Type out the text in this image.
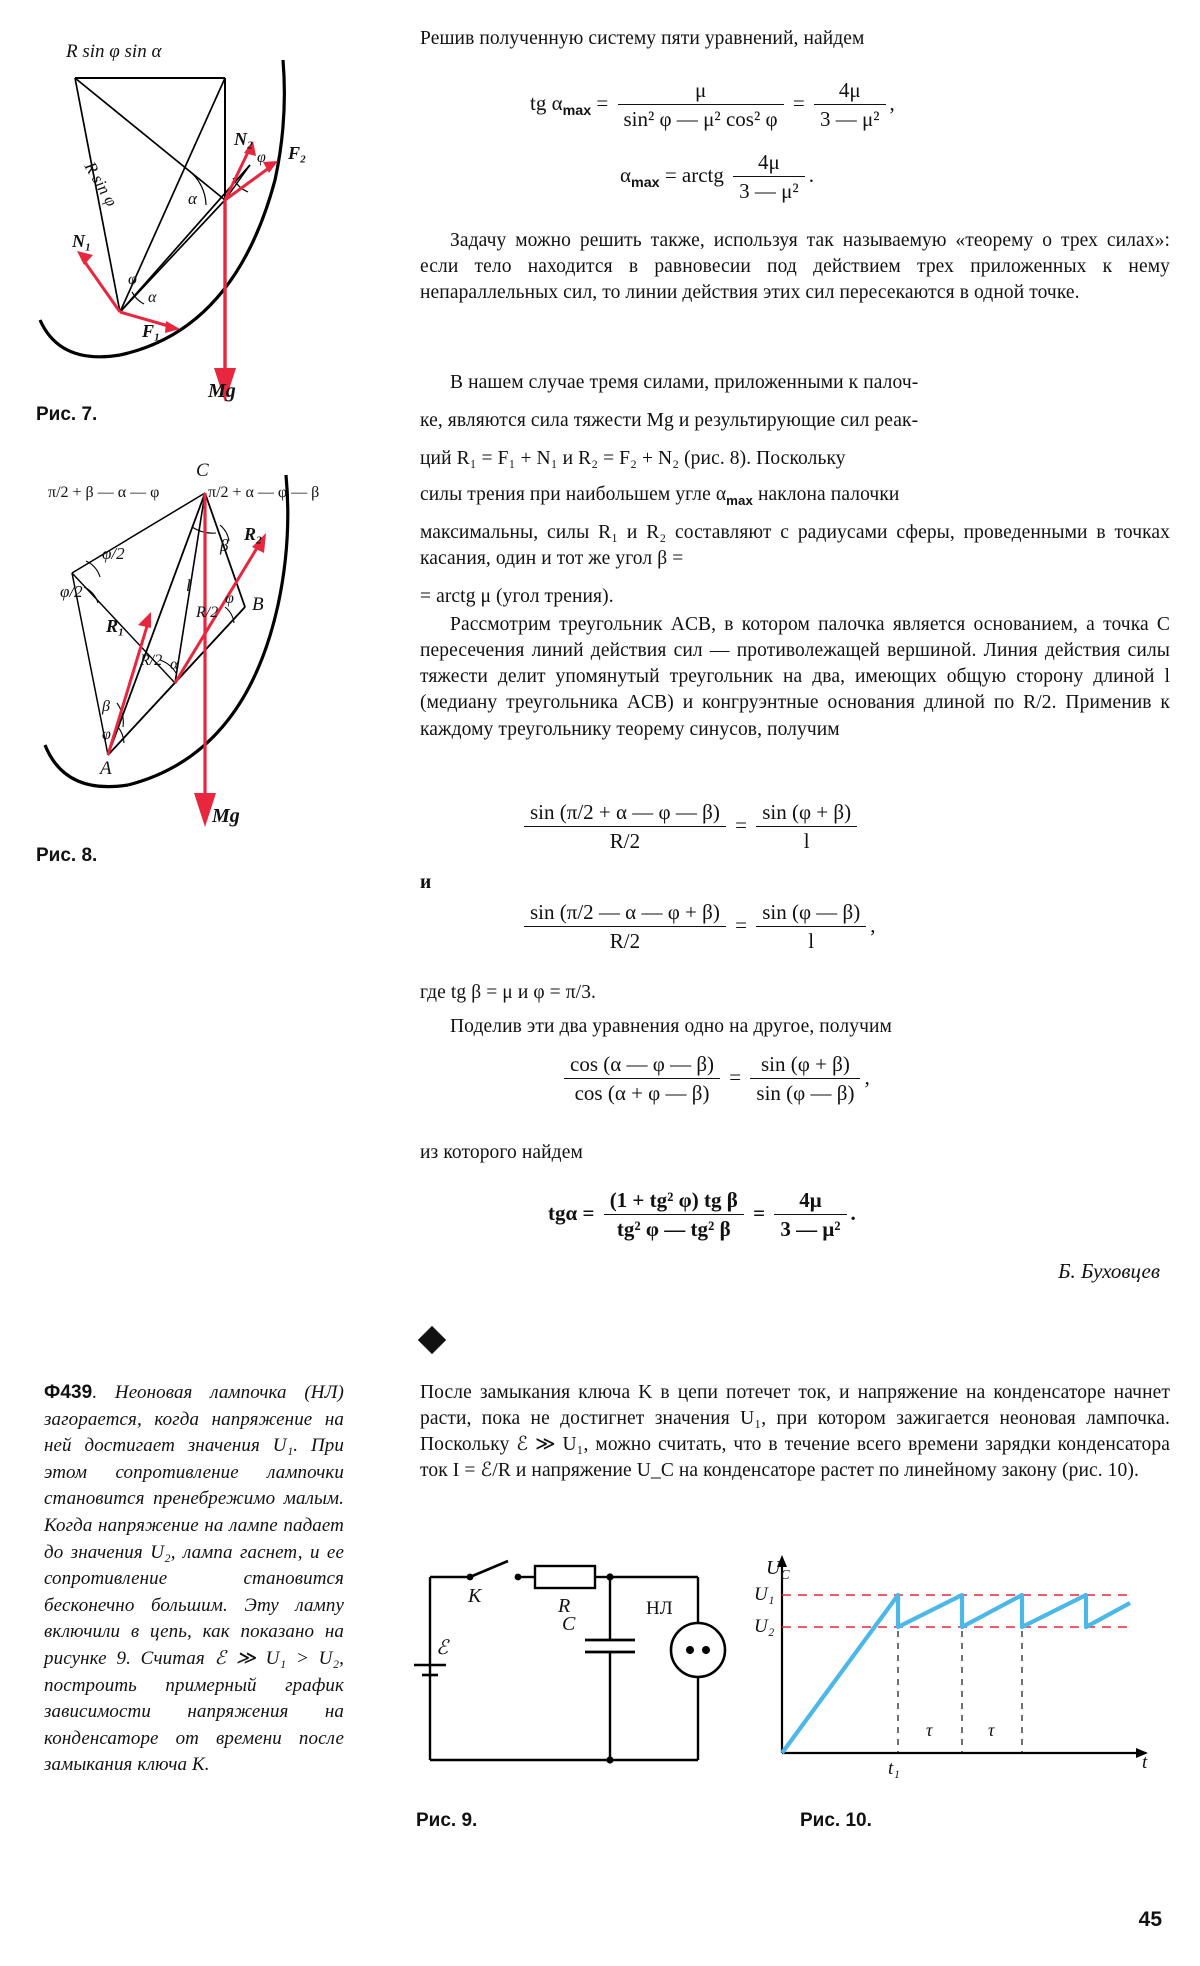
R sin φ sin α
N₂
F₂
N₁
F₁
Mg
R sin φ	α
φ
φ
α
Рис. 7.
C
A
B
π/2 + β — α — φ	π/2 + α — φ — β
φ/2
φ/2
β
R₂
R₁
l
R/2
R/2
φ
α
β
φ
Mg
Рис. 8.
Решив полученную систему пяти уравнений, найдем
tg $\alpha_{max} = \frac{\mu}{\text{sin² φ — μ² cos² φ}} = \frac{4\mu}{\text{3 — μ²}}$ ,
$\alpha_{max}$ = arctg $\frac{4\mu}{\text{3 — μ²}}$ .
Задачу можно решить также, используя так называемую «теорему о трех силах»: если тело находится в равновесии под действием трех приложенных к нему непараллельных сил, то линии действия этих сил пересекаются в одной точке.
В нашем случае тремя силами, приложенными к палоч-
ке, являются сила тяжести Mg и результирующие сил реак-
ций R₁ = F₁ + N₁ и R₂ = F₂ + N₂ (рис. 8). Поскольку
силы трения при наибольшем угле $\alpha_{max}$ наклона палочки
максимальны, силы R₁ и R₂ составляют с радиусами сферы, проведенными в точках касания, один и тот же угол β =
= arctg μ (угол трения).
Рассмотрим треугольник ACB, в котором палочка является основанием, а точка C пересечения линий действия сил — противолежащей вершиной. Линия действия силы тяжести делит упомянутый треугольник на два, имеющих общую сторону длиной l (медиану треугольника ACB) и конгруэнтные основания длиной по R/2. Применив к каждому треугольнику теорему синусов, получим
$\frac{\sin (\pi/2 + \alpha — \varphi — \beta)}{R/2} = \frac{\sin (\varphi + \beta)}{l}$
и
$\frac{\sin (\pi/2 — \alpha — \varphi + \beta)}{R/2} = \frac{\sin (\varphi — \beta)}{l}$ ,
где tg β = μ и φ = π/3.
Поделив эти два уравнения одно на другое, получим
$\frac{\cos (\alpha — \varphi — \beta)}{\cos (\alpha + \varphi — \beta)} = \frac{\sin (\varphi + \beta)}{\sin (\varphi — \beta)}$ ,
из которого найдем
$tg\alpha = \frac{\text{(1 + tg² φ) tg β}}{\text{tg² φ — tg² β}} = \frac{4\mu}{\text{3 — μ²}}$ .
Б. Буховцев
Ф439. Неоновая лампочка (НЛ) загорается, когда напряжение на ней достигает значения U₁. При этом сопротивление лампочки становится пренебрежимо малым. Когда напряжение на лампе падает до значения U₂, лампа гаснет, и ее сопротивление становится бесконечно большим. Эту лампу включили в цепь, как показано на рисунке 9. Считая ℰ ≫ U₁ > U₂, построить примерный график зависимости напряжения на конденсаторе от времени после замыкания ключа K.
После замыкания ключа K в цепи потечет ток, и напряжение на конденсаторе начнет расти, пока не достигнет значения U₁, при котором зажигается неоновая лампочка. Поскольку ℰ ≫ U₁, можно считать, что в течение всего времени зарядки конденсатора ток I = ℰ/R и напряжение U_C на конденсаторе растет по линейному закону (рис. 10).
K	R
C
НЛ
ℰ
Рис. 9.
$U_C$
U₁
U₂
t₁
τ	τ
t
Рис. 10.
45
